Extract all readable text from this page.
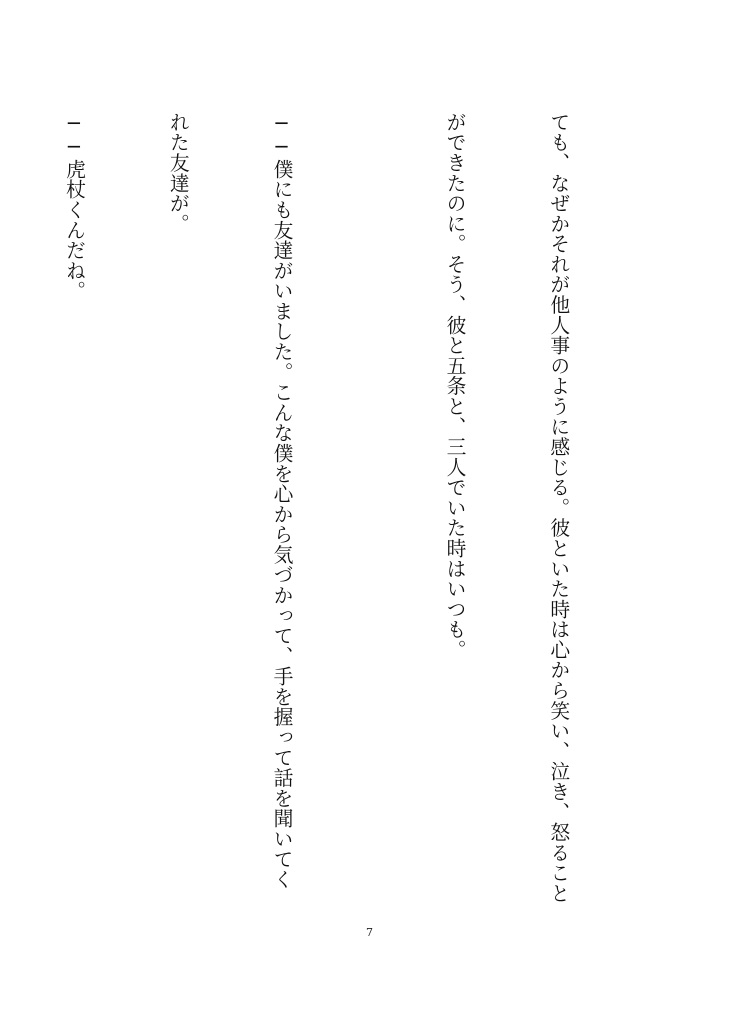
ても、なぜかそれが他人事のように感じる。彼といた時は心から笑い、泣き、怒ること

ができたのに。そう、彼と五条と、三人でいた時はいつも。

──僕にも友達がいました。こんな僕を心から気づかって、手を握って話を聞いてく

れた友達が。

──虎杖くんだね。

7
